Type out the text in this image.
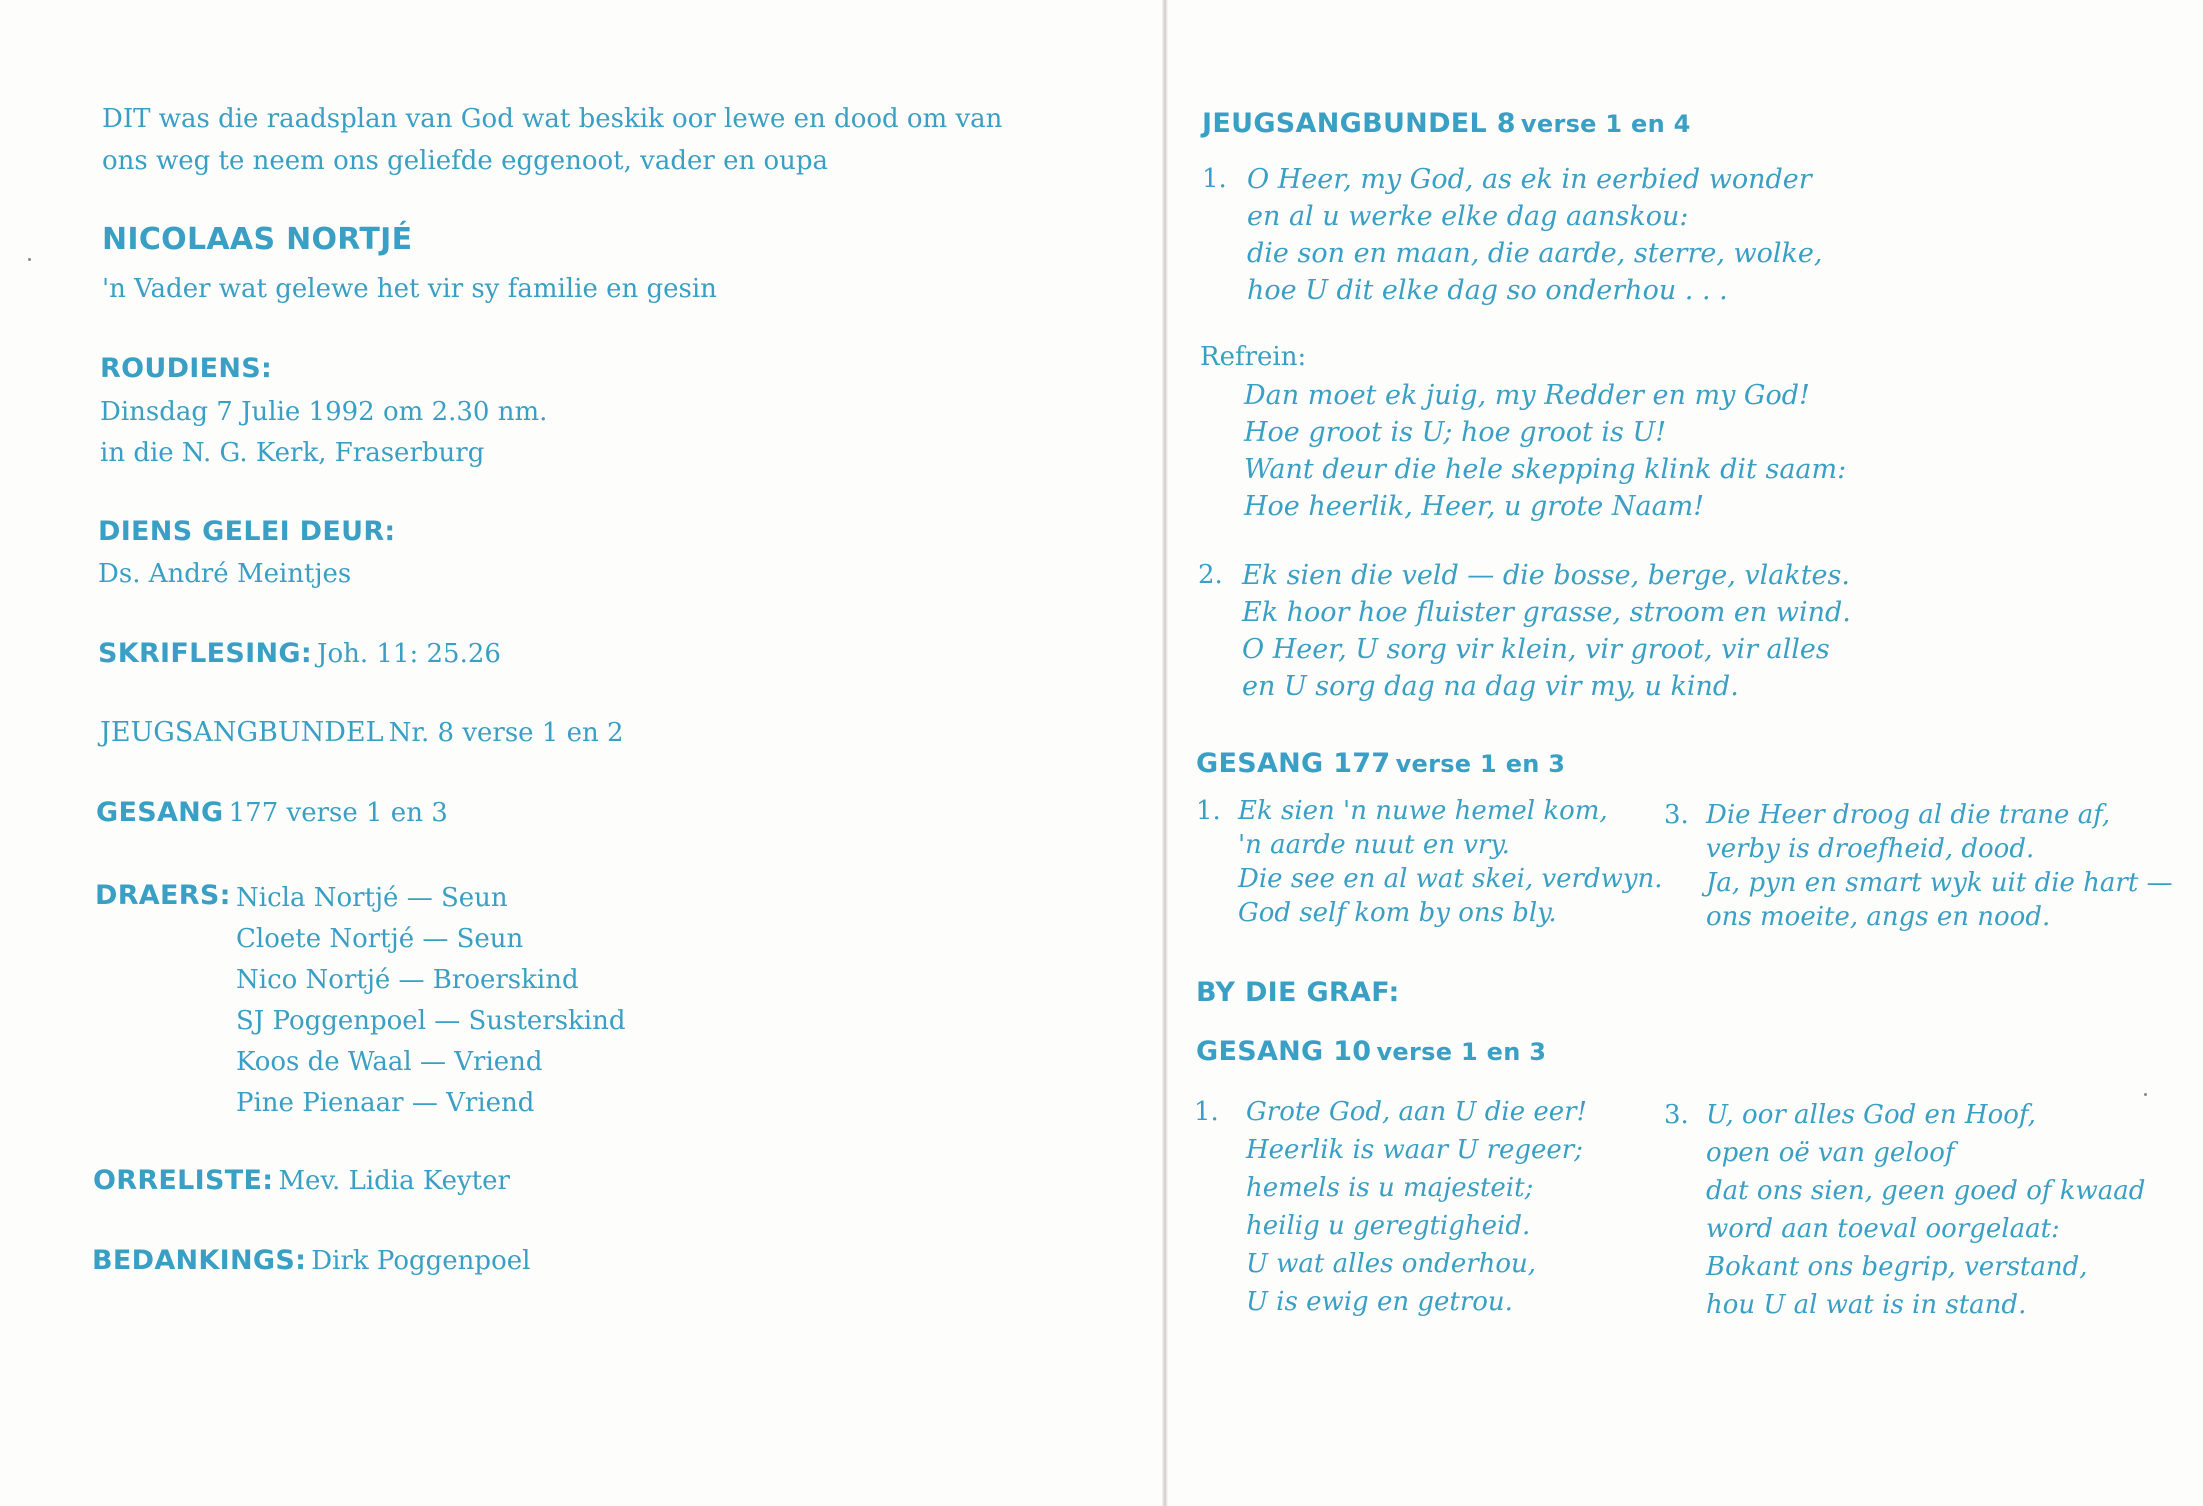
DIT was die raadsplan van God wat beskik oor lewe en dood om van
ons weg te neem ons geliefde eggenoot, vader en oupa
NICOLAAS NORTJÉ
'n Vader wat gelewe het vir sy familie en gesin
ROUDIENS:
Dinsdag 7 Julie 1992 om 2.30 nm.
in die N. G. Kerk, Fraserburg
DIENS GELEI DEUR:
Ds. André Meintjes
SKRIFLESING: Joh. 11: 25.26
JEUGSANGBUNDEL Nr. 8 verse 1 en 2
GESANG 177 verse 1 en 3
DRAERS: Nicla Nortjé — Seun
Cloete Nortjé — Seun
Nico Nortjé — Broerskind
SJ Poggenpoel — Susterskind
Koos de Waal — Vriend
Pine Pienaar — Vriend
ORRELISTE: Mev. Lidia Keyter
BEDANKINGS: Dirk Poggenpoel
JEUGSANGBUNDEL 8 verse 1 en 4
1. O Heer, my God, as ek in eerbied wonder
en al u werke elke dag aanskou:
die son en maan, die aarde, sterre, wolke,
hoe U dit elke dag so onderhou . . .
Refrein:
Dan moet ek juig, my Redder en my God!
Hoe groot is U; hoe groot is U!
Want deur die hele skepping klink dit saam:
Hoe heerlik, Heer, u grote Naam!
2. Ek sien die veld — die bosse, berge, vlaktes.
Ek hoor hoe fluister grasse, stroom en wind.
O Heer, U sorg vir klein, vir groot, vir alles
en U sorg dag na dag vir my, u kind.
GESANG 177 verse 1 en 3
1. Ek sien 'n nuwe hemel kom,
'n aarde nuut en vry.
Die see en al wat skei, verdwyn.
God self kom by ons bly.
3. Die Heer droog al die trane af,
verby is droefheid, dood.
Ja, pyn en smart wyk uit die hart —
ons moeite, angs en nood.
BY DIE GRAF:
GESANG 10 verse 1 en 3
1. Grote God, aan U die eer!
Heerlik is waar U regeer;
hemels is u majesteit;
heilig u geregtigheid.
U wat alles onderhou,
U is ewig en getrou.
3. U, oor alles God en Hoof,
open oë van geloof
dat ons sien, geen goed of kwaad
word aan toeval oorgelaat:
Bokant ons begrip, verstand,
hou U al wat is in stand.
